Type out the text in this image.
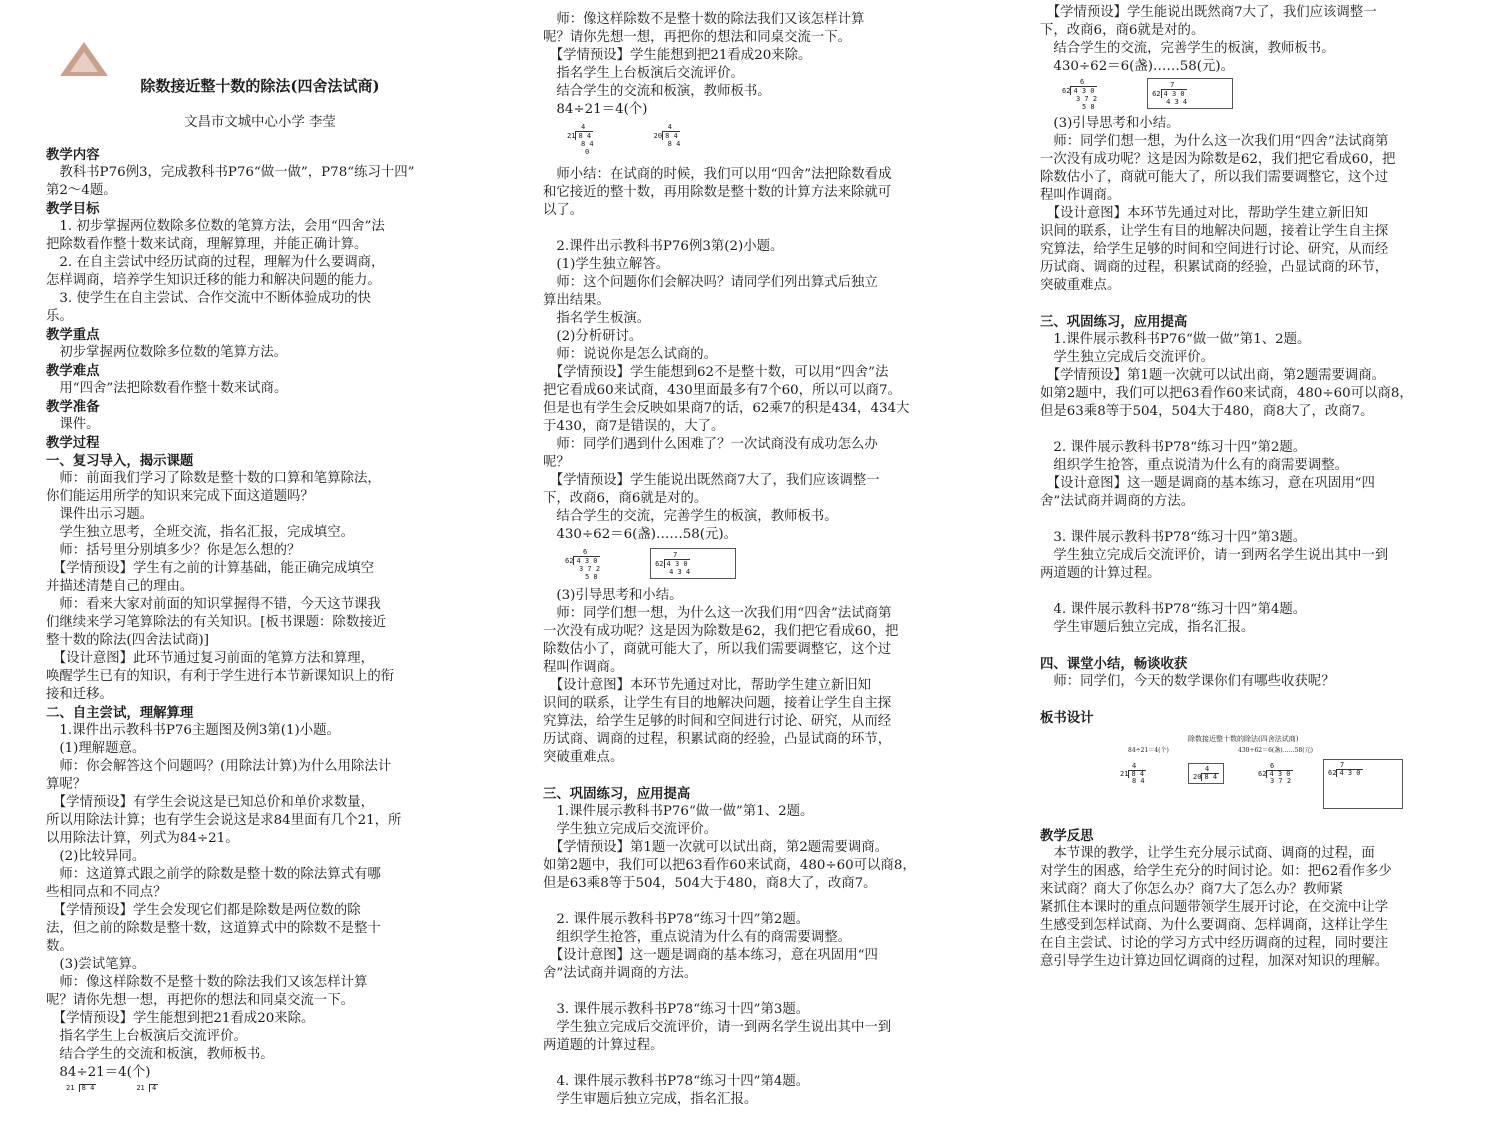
除数接近整十数的除法(四舍法试商)

文昌市文城中心小学 李莹

教学内容

　教科书P76例3，完成教科书P76“做一做”，P78“练习十四”

第2～4题。

教学目标

　1. 初步掌握两位数除多位数的笔算方法，会用“四舍”法

把除数看作整十数来试商，理解算理，并能正确计算。

　2. 在自主尝试中经历试商的过程，理解为什么要调商，

怎样调商，培养学生知识迁移的能力和解决问题的能力。

　3. 使学生在自主尝试、合作交流中不断体验成功的快

乐。

教学重点

　初步掌握两位数除多位数的笔算方法。

教学难点

　用“四舍”法把除数看作整十数来试商。

教学准备

　课件。

教学过程

一、复习导入，揭示课题

　师：前面我们学习了除数是整十数的口算和笔算除法，

你们能运用所学的知识来完成下面这道题吗？

　课件出示习题。

　学生独立思考，全班交流，指名汇报，完成填空。

　师：括号里分别填多少？你是怎么想的？

　【学情预设】学生有之前的计算基础，能正确完成填空

并描述清楚自己的理由。

　师：看来大家对前面的知识掌握得不错，今天这节课我

们继续来学习笔算除法的有关知识。[板书课题：除数接近

整十数的除法(四舍法试商)]

　【设计意图】此环节通过复习前面的笔算方法和算理，

唤醒学生已有的知识，有利于学生进行本节新课知识上的衔

接和迁移。

二、自主尝试，理解算理

　1.课件出示教科书P76主题图及例3第(1)小题。

　(1)理解题意。

　师：你会解答这个问题吗？(用除法计算)为什么用除法计

算呢？

　【学情预设】有学生会说这是已知总价和单价求数量，

所以用除法计算；也有学生会说这是求84里面有几个21，所

以用除法计算，列式为84÷21。

　(2)比较异同。

　师：这道算式跟之前学的除数是整十数的除法算式有哪

些相同点和不同点？

　【学情预设】学生会发现它们都是除数是两位数的除

法，但之前的除数是整十数，这道算式中的除数不是整十

数。

　(3)尝试笔算。

　师：像这样除数不是整十数的除法我们又该怎样计算

呢？请你先想一想，再把你的想法和同桌交流一下。

　【学情预设】学生能想到把21看成20来除。

　指名学生上台板演后交流评价。

　结合学生的交流和板演，教师板书。

　84÷21＝4(个)

21 8 4	21 4

　师：像这样除数不是整十数的除法我们又该怎样计算

呢？请你先想一想，再把你的想法和同桌交流一下。

　【学情预设】学生能想到把21看成20来除。

　指名学生上台板演后交流评价。

　结合学生的交流和板演，教师板书。

　84÷21＝4(个)

4
21 8 4
8 4
0
4
20 8 4
8 4

　师小结：在试商的时候，我们可以用“四舍”法把除数看成

和它接近的整十数，再用除数是整十数的计算方法来除就可

以了。

　2.课件出示教科书P76例3第(2)小题。

　(1)学生独立解答。

　师：这个问题你们会解决吗？请同学们列出算式后独立

算出结果。

　指名学生板演。

　(2)分析研讨。

　师：说说你是怎么试商的。

　【学情预设】学生能想到62不是整十数，可以用“四舍”法

把它看成60来试商，430里面最多有7个60，所以可以商7。

但是也有学生会反映如果商7的话，62乘7的积是434，434大

于430，商7是错误的，大了。

　师：同学们遇到什么困难了？一次试商没有成功怎么办

呢？

　【学情预设】学生能说出既然商7大了，我们应该调整一

下，改商6，商6就是对的。

　结合学生的交流，完善学生的板演，教师板书。

　430÷62＝6(盏)……58(元)。

6
62 4 3 0
3 7 2
5 8
7
62 4 3 0
4 3 4

　(3)引导思考和小结。

　师：同学们想一想，为什么这一次我们用“四舍”法试商第

一次没有成功呢？这是因为除数是62，我们把它看成60，把

除数估小了，商就可能大了，所以我们需要调整它，这个过

程叫作调商。

　【设计意图】本环节先通过对比，帮助学生建立新旧知

识间的联系，让学生有目的地解决问题，接着让学生自主探

究算法，给学生足够的时间和空间进行讨论、研究，从而经

历试商、调商的过程，积累试商的经验，凸显试商的环节，

突破重难点。

三、巩固练习，应用提高

　1.课件展示教科书P76“做一做”第1、2题。

　学生独立完成后交流评价。

　【学情预设】第1题一次就可以试出商，第2题需要调商。

如第2题中，我们可以把63看作60来试商，480÷60可以商8，

但是63乘8等于504，504大于480，商8大了，改商7。

　2. 课件展示教科书P78“练习十四”第2题。

　组织学生抢答，重点说清为什么有的商需要调整。

　【设计意图】这一题是调商的基本练习，意在巩固用“四

舍”法试商并调商的方法。

　3. 课件展示教科书P78“练习十四”第3题。

　学生独立完成后交流评价，请一到两名学生说出其中一到

两道题的计算过程。

　4. 课件展示教科书P78“练习十四”第4题。

　学生审题后独立完成，指名汇报。

　【学情预设】学生能说出既然商7大了，我们应该调整一

下，改商6，商6就是对的。

　结合学生的交流，完善学生的板演，教师板书。

　430÷62＝6(盏)……58(元)。

6
62 4 3 0
3 7 2
5 8
7
62 4 3 0
4 3 4

　(3)引导思考和小结。

　师：同学们想一想，为什么这一次我们用“四舍”法试商第

一次没有成功呢？这是因为除数是62，我们把它看成60，把

除数估小了，商就可能大了，所以我们需要调整它，这个过

程叫作调商。

　【设计意图】本环节先通过对比，帮助学生建立新旧知

识间的联系，让学生有目的地解决问题，接着让学生自主探

究算法，给学生足够的时间和空间进行讨论、研究，从而经

历试商、调商的过程，积累试商的经验，凸显试商的环节，

突破重难点。

三、巩固练习，应用提高

　1.课件展示教科书P76“做一做”第1、2题。

　学生独立完成后交流评价。

　【学情预设】第1题一次就可以试出商，第2题需要调商。

如第2题中，我们可以把63看作60来试商，480÷60可以商8，

但是63乘8等于504，504大于480，商8大了，改商7。

　2. 课件展示教科书P78“练习十四”第2题。

　组织学生抢答，重点说清为什么有的商需要调整。

　【设计意图】这一题是调商的基本练习，意在巩固用“四

舍”法试商并调商的方法。

　3. 课件展示教科书P78“练习十四”第3题。

　学生独立完成后交流评价，请一到两名学生说出其中一到

两道题的计算过程。

　4. 课件展示教科书P78“练习十四”第4题。

　学生审题后独立完成，指名汇报。

四、课堂小结，畅谈收获

　师：同学们，今天的数学课你们有哪些收获呢？

板书设计

除数接近整十数的除法(四舍法试商)
84÷21＝4(个)	430÷62＝6(盏)……58(元)
4
21 8 4
8 4
4
20 8 4
6
62 4 3 0
3 7 2
7
62 4 3 0

教学反思

　本节课的教学，让学生充分展示试商、调商的过程，面

对学生的困惑，给学生充分的时间讨论。如：把62看作多少

来试商？商大了你怎么办？商7大了怎么办？教师紧

紧抓住本课时的重点问题带领学生展开讨论，在交流中让学

生感受到怎样试商、为什么要调商、怎样调商，这样让学生

在自主尝试、讨论的学习方式中经历调商的过程，同时要注

意引导学生边计算边回忆调商的过程，加深对知识的理解。
